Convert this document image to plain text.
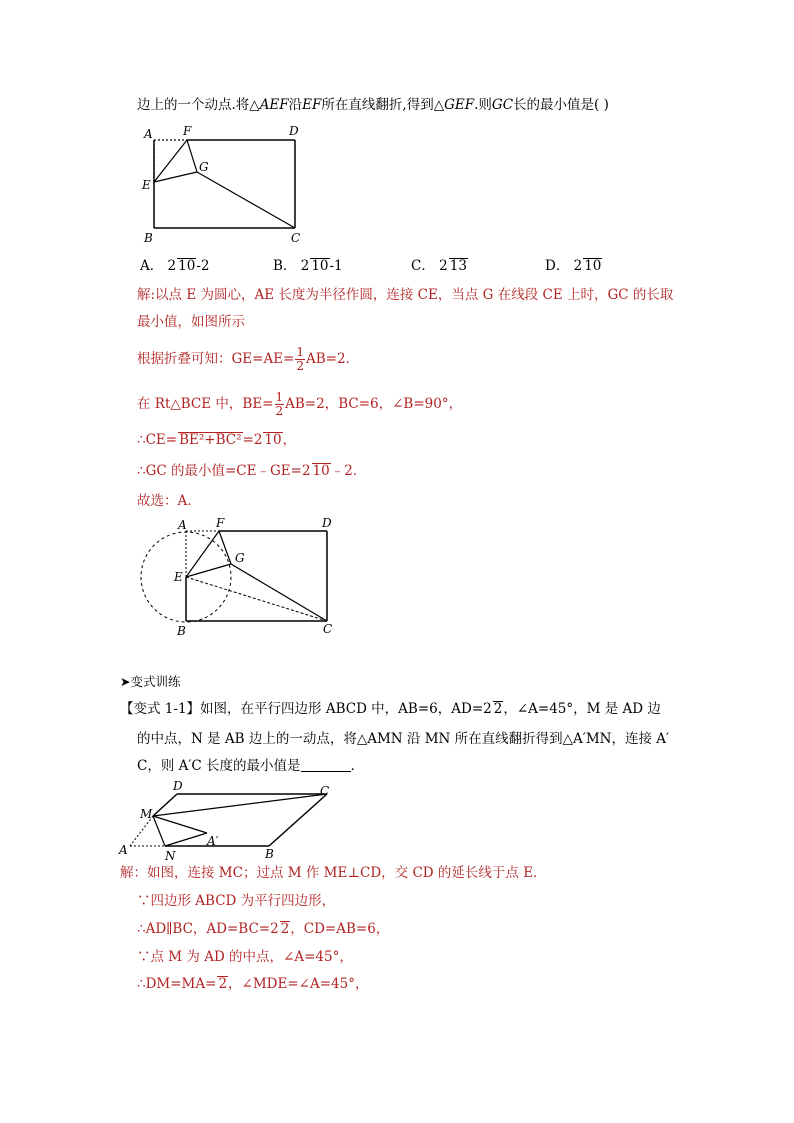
边上的一个动点.将△AEF沿EF所在直线翻折,得到△GEF.则GC长的最小值是( )
A	F	D
G
E
B	C
A． 2 10-2	B． 2 10-1	C． 2 13	D． 2 10
解:以点 E 为圆心，AE 长度为半径作圆，连接 CE，当点 G 在线段 CE 上时，GC 的长取
最小值，如图所示
根据折叠可知：$GE=AE= \frac{1}{2} AB=2$．
在 Rt△BCE 中，$BE= \frac{1}{2} AB=2$，BC=6，∠B=90°，
∴CE= BE²+BC²=2 10，
∴GC 的最小值=CE﹣GE=2 10﹣2．
故选：A．
A F	D
G
E
B	C
➤变式训练
【变式 1-1】如图，在平行四边形 ABCD 中，AB=6，AD=2 2，∠A=45°，M 是 AD 边
的中点，N 是 AB 边上的一动点，将△AMN 沿 MN 所在直线翻折得到△A′MN，连接 A′
C，则 A′C 长度的最小值是	．
D	C
M
A′
A	N	B
解：如图，连接 MC；过点 M 作 ME⊥CD，交 CD 的延长线于点 E．
∵四边形 ABCD 为平行四边形，
∴AD∥BC，AD=BC=2 2，CD=AB=6，
∵点 M 为 AD 的中点，∠A=45°，
∴DM=MA= 2，∠MDE=∠A=45°，
